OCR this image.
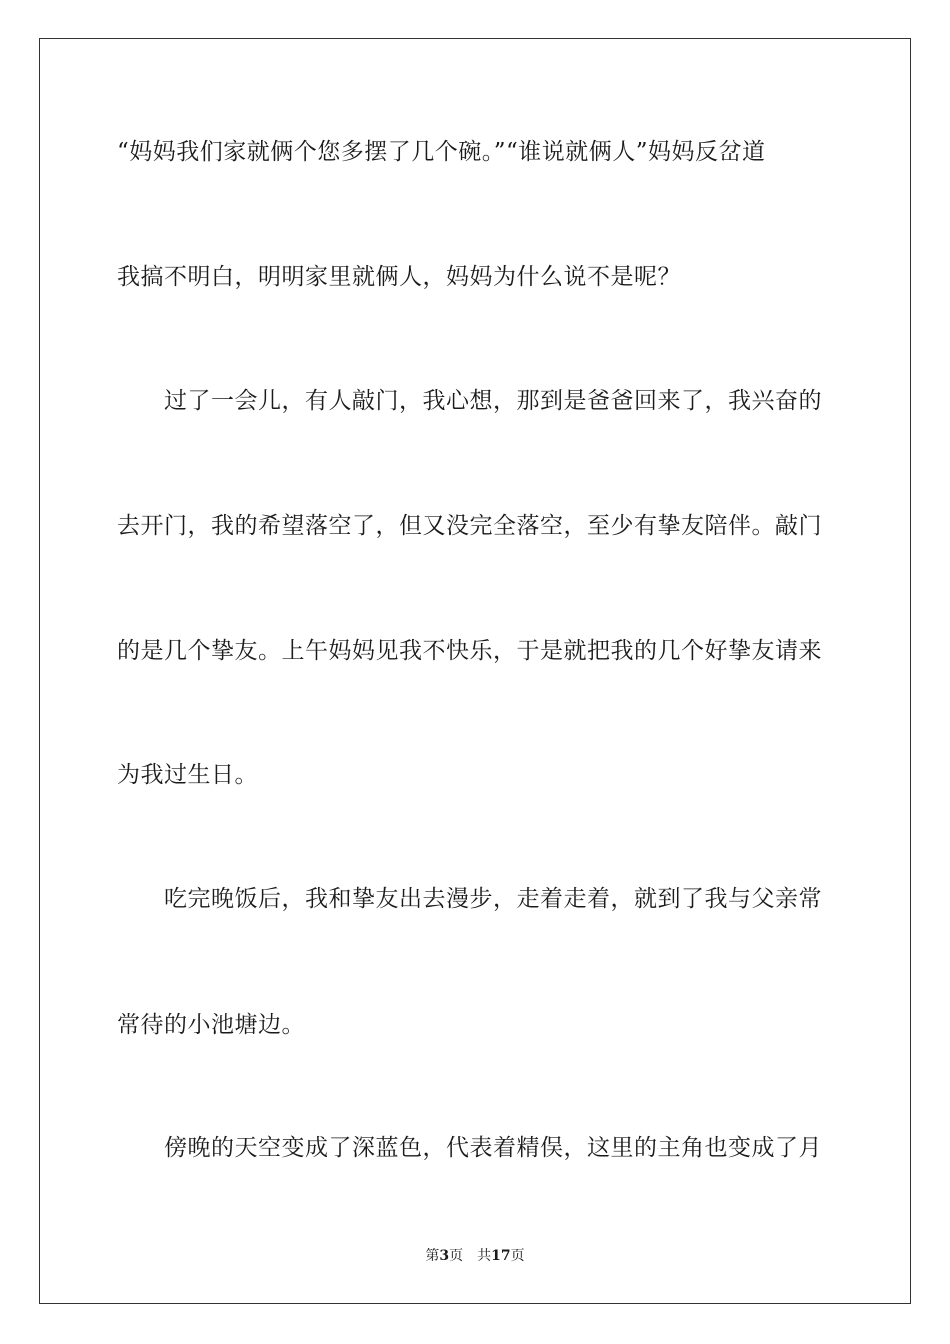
“妈妈我们家就俩个您多摆了几个碗。”“谁说就俩人”妈妈反岔道
我搞不明白，明明家里就俩人，妈妈为什么说不是呢？
过了一会儿，有人敲门，我心想，那到是爸爸回来了，我兴奋的
去开门，我的希望落空了，但又没完全落空，至少有挚友陪伴。敲门
的是几个挚友。上午妈妈见我不快乐，于是就把我的几个好挚友请来
为我过生日。
吃完晚饭后，我和挚友出去漫步，走着走着，就到了我与父亲常
常待的小池塘边。
傍晚的天空变成了深蓝色，代表着精俣，这里的主角也变成了月
第3页 共17页
